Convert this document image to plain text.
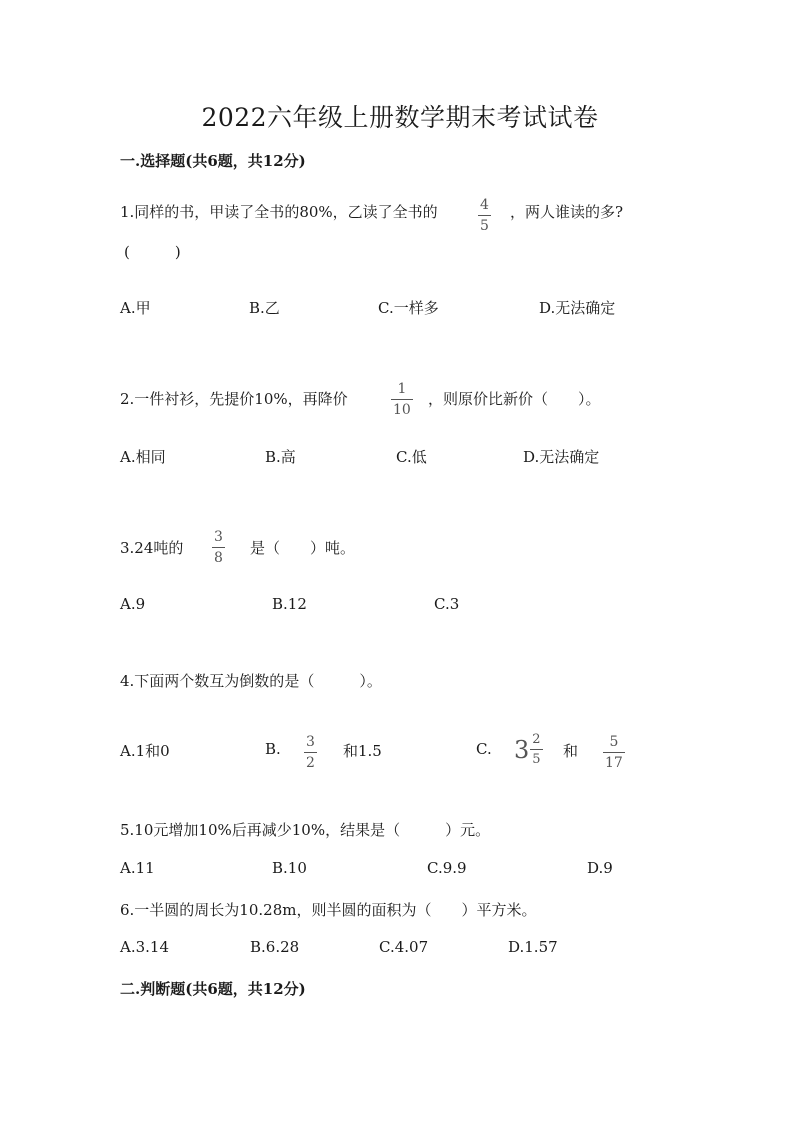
2022六年级上册数学期末考试试卷
一.选择题(共6题，共12分)
1.同样的书，甲读了全书的80%，乙读了全书的	$\frac{4}{5}$ ，两人谁读的多?
(　　　)
A.甲	B.乙	C.一样多	D.无法确定
2.一件衬衫，先提价10%，再降价	$\frac{1}{10}$ ，则原价比新价（　　）。
A.相同	B.高	C.低	D.无法确定
3.24吨的 $\frac{3}{8}$ 是（　　）吨。
A.9	B.12	C.3
4.下面两个数互为倒数的是（　　　）。
A.1和0	B. $\frac{3}{2}$ 和1.5	C. $3 \frac{2}{5}$ 和 $\frac{5}{17}$
5.10元增加10%后再减少10%，结果是（　　　）元。
A.11	B.10	C.9.9	D.9
6.一半圆的周长为10.28m，则半圆的面积为（　　）平方米。
A.3.14	B.6.28	C.4.07	D.1.57
二.判断题(共6题，共12分)
